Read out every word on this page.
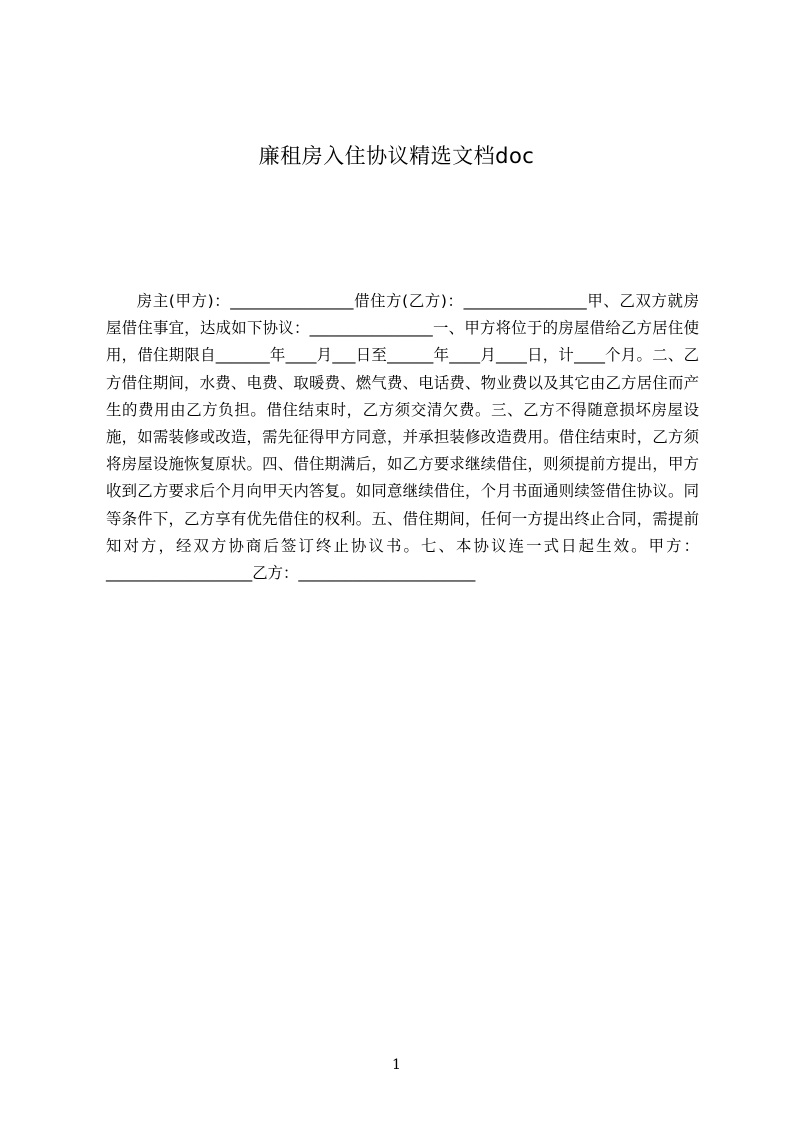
廉租房入住协议精选文档doc

房主(甲方)：________________借住方(乙方)：________________甲、乙双方就房屋借住事宜，达成如下协议：________________一、甲方将位于的房屋借给乙方居住使用，借住期限自_______年____月___日至______年____月____日，计____个月。二、乙方借住期间，水费、电费、取暖费、燃气费、电话费、物业费以及其它由乙方居住而产生的费用由乙方负担。借住结束时，乙方须交清欠费。三、乙方不得随意损坏房屋设施，如需装修或改造，需先征得甲方同意，并承担装修改造费用。借住结束时，乙方须将房屋设施恢复原状。四、借住期满后，如乙方要求继续借住，则须提前方提出，甲方收到乙方要求后个月向甲天内答复。如同意继续借住，个月书面通则续签借住协议。同等条件下，乙方享有优先借住的权利。五、借住期间，任何一方提出终止合同，需提前知对方，经双方协商后签订终止协议书。七、本协议连一式日起生效。甲方：___________________乙方：_______________________

1
